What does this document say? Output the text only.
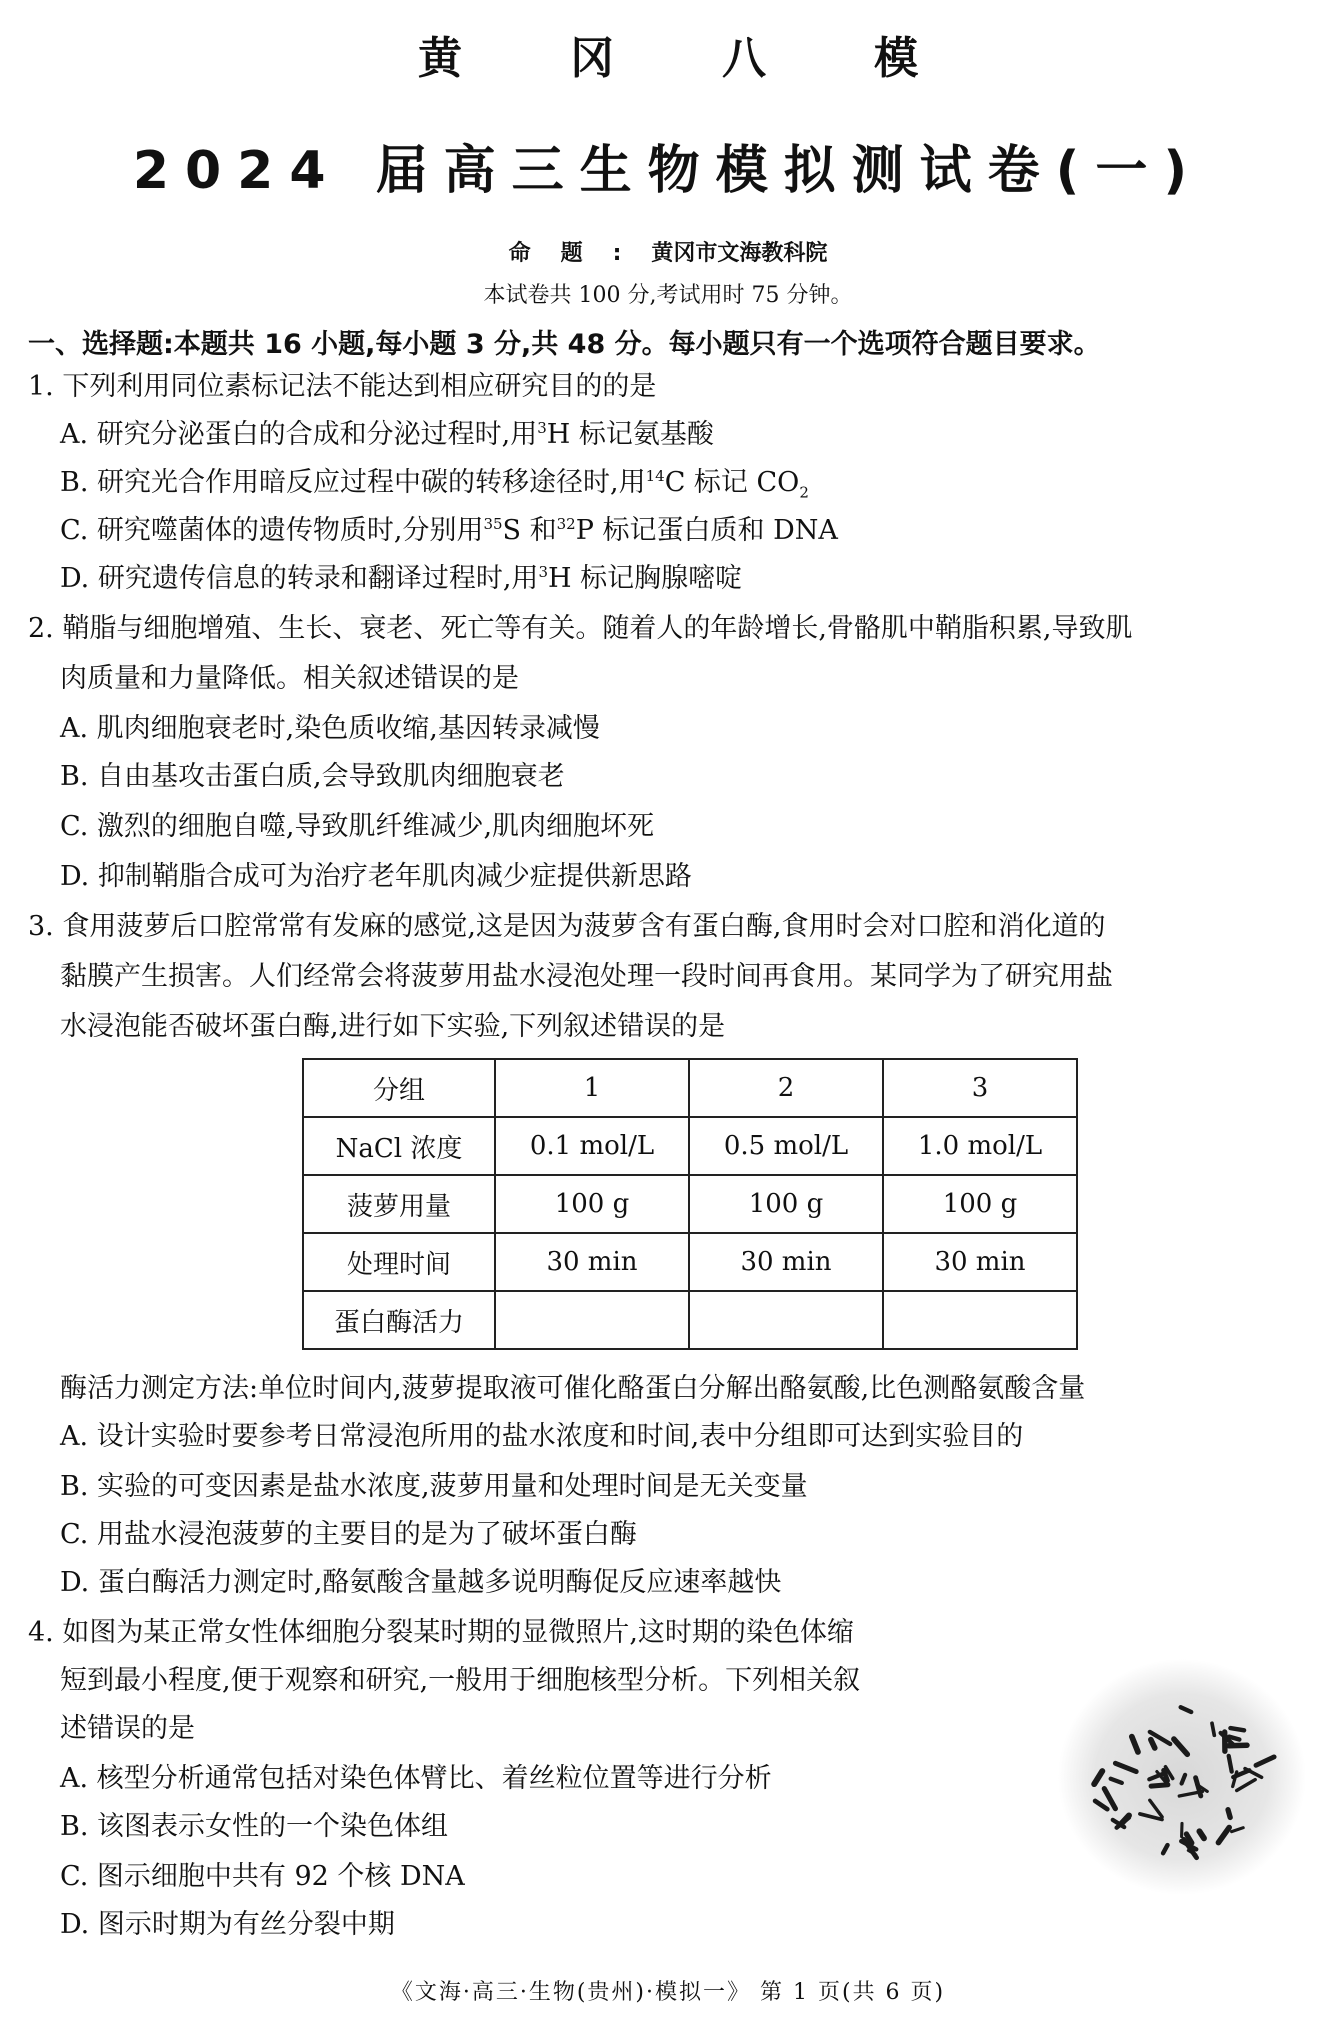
黄冈八模
2024 届高三生物模拟测试卷(一)
命题:黄冈市文海教科院
本试卷共 100 分,考试用时 75 分钟。
一、选择题:本题共 16 小题,每小题 3 分,共 48 分。每小题只有一个选项符合题目要求。
1. 下列利用同位素标记法不能达到相应研究目的的是
A. 研究分泌蛋白的合成和分泌过程时,用$^3$H 标记氨基酸
B. 研究光合作用暗反应过程中碳的转移途径时,用$^{14}$C 标记 $CO_2$
C. 研究噬菌体的遗传物质时,分别用$^{35}$S 和$^{32}$P 标记蛋白质和 DNA
D. 研究遗传信息的转录和翻译过程时,用$^3$H 标记胸腺嘧啶
2. 鞘脂与细胞增殖、生长、衰老、死亡等有关。随着人的年龄增长,骨骼肌中鞘脂积累,导致肌
肉质量和力量降低。相关叙述错误的是
A. 肌肉细胞衰老时,染色质收缩,基因转录减慢
B. 自由基攻击蛋白质,会导致肌肉细胞衰老
C. 激烈的细胞自噬,导致肌纤维减少,肌肉细胞坏死
D. 抑制鞘脂合成可为治疗老年肌肉减少症提供新思路
3. 食用菠萝后口腔常常有发麻的感觉,这是因为菠萝含有蛋白酶,食用时会对口腔和消化道的
黏膜产生损害。人们经常会将菠萝用盐水浸泡处理一段时间再食用。某同学为了研究用盐
水浸泡能否破坏蛋白酶,进行如下实验,下列叙述错误的是
分组	1	2	3
NaCl 浓度	0.1 mol/L	0.5 mol/L	1.0 mol/L
菠萝用量	100 g	100 g	100 g
处理时间	30 min	30 min	30 min
蛋白酶活力			
酶活力测定方法:单位时间内,菠萝提取液可催化酪蛋白分解出酪氨酸,比色测酪氨酸含量
A. 设计实验时要参考日常浸泡所用的盐水浓度和时间,表中分组即可达到实验目的
B. 实验的可变因素是盐水浓度,菠萝用量和处理时间是无关变量
C. 用盐水浸泡菠萝的主要目的是为了破坏蛋白酶
D. 蛋白酶活力测定时,酪氨酸含量越多说明酶促反应速率越快
4. 如图为某正常女性体细胞分裂某时期的显微照片,这时期的染色体缩
短到最小程度,便于观察和研究,一般用于细胞核型分析。下列相关叙
述错误的是
A. 核型分析通常包括对染色体臂比、着丝粒位置等进行分析
B. 该图表示女性的一个染色体组
C. 图示细胞中共有 92 个核 DNA
D. 图示时期为有丝分裂中期
《文海·高三·生物(贵州)·模拟一》 第 1 页(共 6 页)
